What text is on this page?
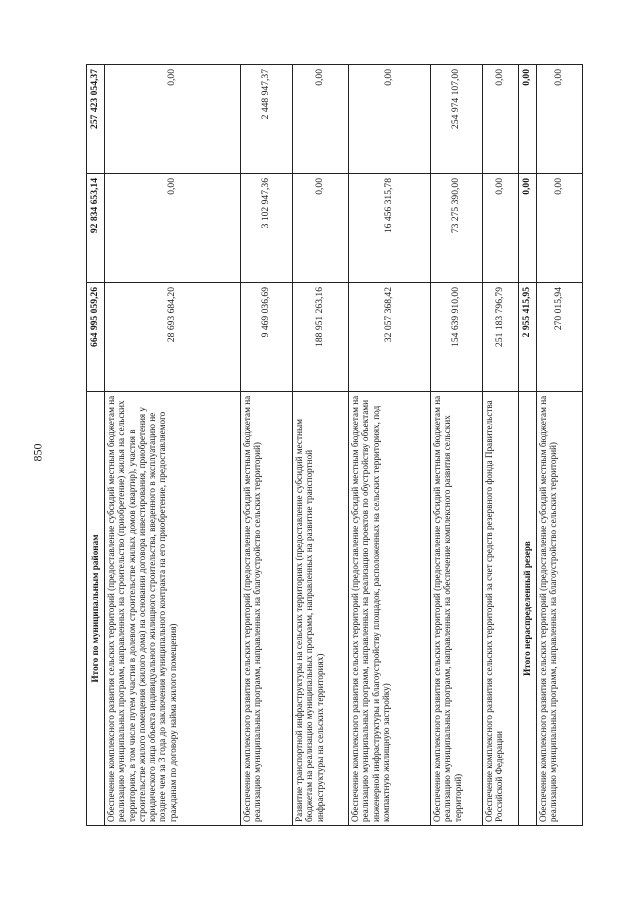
850
Итого по муниципальным районам	664 995 059,26	92 834 653,14	257 423 054,37
Обеспечение комплексного развития сельских территорий (предоставление субсидий местным бюджетам на реализацию муниципальных программ, направленных на строительство (приобретение) жилья на сельских территориях, в том числе путем участия в долевом строительстве жилых домов (квартир), участия в строительстве жилого помещения (жилого дома) на основании договора инвестирования, приобретения у юридического лица объекта индивидуального жилищного строительства, введенного в эксплуатацию не позднее чем за 3 года до заключения муниципального контракта на его приобретение, предоставляемого гражданам по договору найма жилого помещения)	28 693 684,20	0,00	0,00
Обеспечение комплексного развития сельских территорий (предоставление субсидий местным бюджетам на реализацию муниципальных программ, направленных на благоустройство сельских территорий)	9 469 036,69	3 102 947,36	2 448 947,37
Развитие транспортной инфраструктуры на сельских территориях (предоставление субсидий местным бюджетам на реализацию муниципальных программ, направленных на развитие транспортной инфраструктуры на сельских территориях)	188 951 263,16	0,00	0,00
Обеспечение комплексного развития сельских территорий (предоставление субсидий местным бюджетам на реализацию муниципальных программ, направленных на реализацию проектов по обустройству объектами инженерной инфраструктуры и благоустройству площадок, расположенных на сельских территориях, под компактную жилищную застройку)	32 057 368,42	16 456 315,78	0,00
Обеспечение комплексного развития сельских территорий (предоставление субсидий местным бюджетам на реализацию муниципальных программ, направленных на обеспечение комплексного развития сельских территорий)	154 639 910,00	73 275 390,00	254 974 107,00
Обеспечение комплексного развития сельских территорий за счет средств резервного фонда Правительства Российской Федерации	251 183 796,79	0,00	0,00
Итого нераспределенный резерв	2 955 415,95	0,00	0,00
Обеспечение комплексного развития сельских территорий (предоставление субсидий местным бюджетам на реализацию муниципальных программ, направленных на благоустройство сельских территорий)	270 015,94	0,00	0,00
